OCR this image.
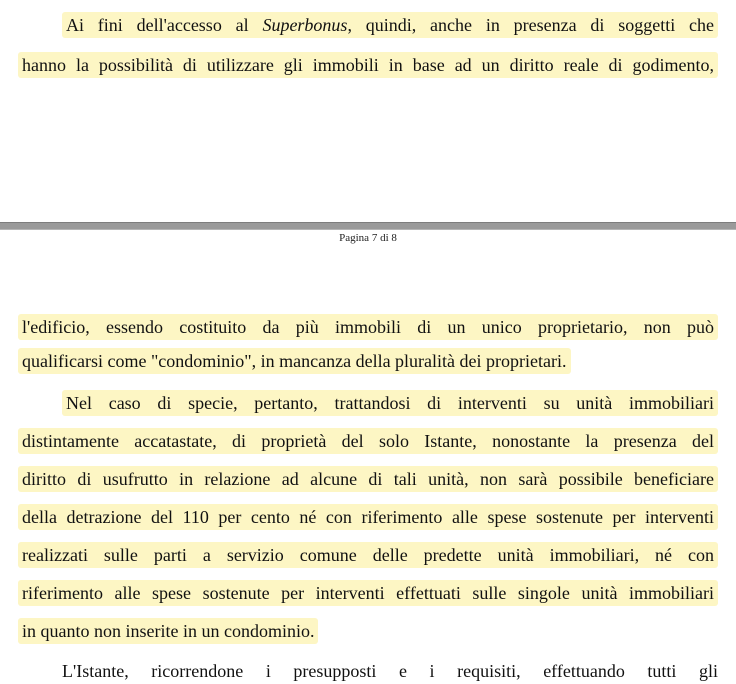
Ai fini dell'accesso al Superbonus, quindi, anche in presenza di soggetti che
hanno la possibilità di utilizzare gli immobili in base ad un diritto reale di godimento,
Pagina 7 di 8
l'edificio, essendo costituito da più immobili di un unico proprietario, non può
qualificarsi come "condominio", in mancanza della pluralità dei proprietari.
Nel caso di specie, pertanto, trattandosi di interventi su unità immobiliari
distintamente accatastate, di proprietà del solo Istante, nonostante la presenza del
diritto di usufrutto in relazione ad alcune di tali unità, non sarà possibile beneficiare
della detrazione del 110 per cento né con riferimento alle spese sostenute per interventi
realizzati sulle parti a servizio comune delle predette unità immobiliari, né con
riferimento alle spese sostenute per interventi effettuati sulle singole unità immobiliari
in quanto non inserite in un condominio.
L'Istante, ricorrendone i presupposti e i requisiti, effettuando tutti gli
